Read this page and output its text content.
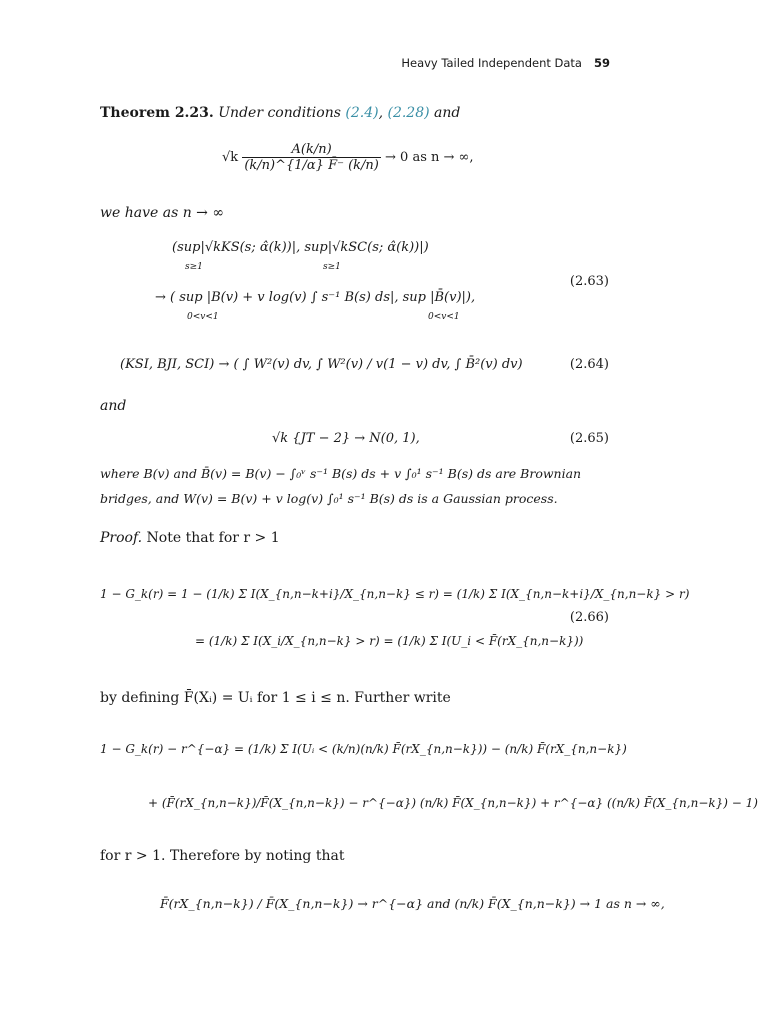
Heavy Tailed Independent Data 59
Theorem 2.23. Under conditions (2.4), (2.28) and
$√k \frac{A(k/n)}{(k/n)\^{}\{1/\alpha\} F̄^- (k/n)} \to 0$ as n → ∞,
we have as n → ∞
(sup|√kKS(s; α̂(k))|, sup|√kSC(s; α̂(k))|)
s≥1	s≥1
→ ( sup |B(v) + v log(v) ∫ s⁻¹ B(s) ds|, sup |B̄(v)|),
0<v<1	0<v<1
(2.63)
(KSI, BJI, SCI) → ( ∫ W²(v) dv, ∫ W²(v) / v(1 − v) dv, ∫ B̄²(v) dv)	(2.64)
and
√k {JT − 2} → N(0, 1),	(2.65)
where B(v) and B̄(v) = B(v) − ∫₀ᵛ s⁻¹ B(s) ds + v ∫₀¹ s⁻¹ B(s) ds are Brownian
bridges, and W(v) = B(v) + v log(v) ∫₀¹ s⁻¹ B(s) ds is a Gaussian process.
Proof. Note that for r > 1
1 − G_k(r) = 1 − (1/k) Σ I(X_{n,n−k+i}/X_{n,n−k} ≤ r) = (1/k) Σ I(X_{n,n−k+i}/X_{n,n−k} > r)
= (1/k) Σ I(X_i/X_{n,n−k} > r) = (1/k) Σ I(U_i < F̄(rX_{n,n−k}))
(2.66)
by defining F̄(Xᵢ) = Uᵢ for 1 ≤ i ≤ n. Further write
1 − G_k(r) − r^{−α} = (1/k) Σ I(Uᵢ < (k/n)(n/k) F̄(rX_{n,n−k})) − (n/k) F̄(rX_{n,n−k})
+ (F̄(rX_{n,n−k})/F̄(X_{n,n−k}) − r^{−α}) (n/k) F̄(X_{n,n−k}) + r^{−α} ((n/k) F̄(X_{n,n−k}) − 1)
for r > 1. Therefore by noting that
F̄(rX_{n,n−k}) / F̄(X_{n,n−k}) → r^{−α} and (n/k) F̄(X_{n,n−k}) → 1 as n → ∞,
